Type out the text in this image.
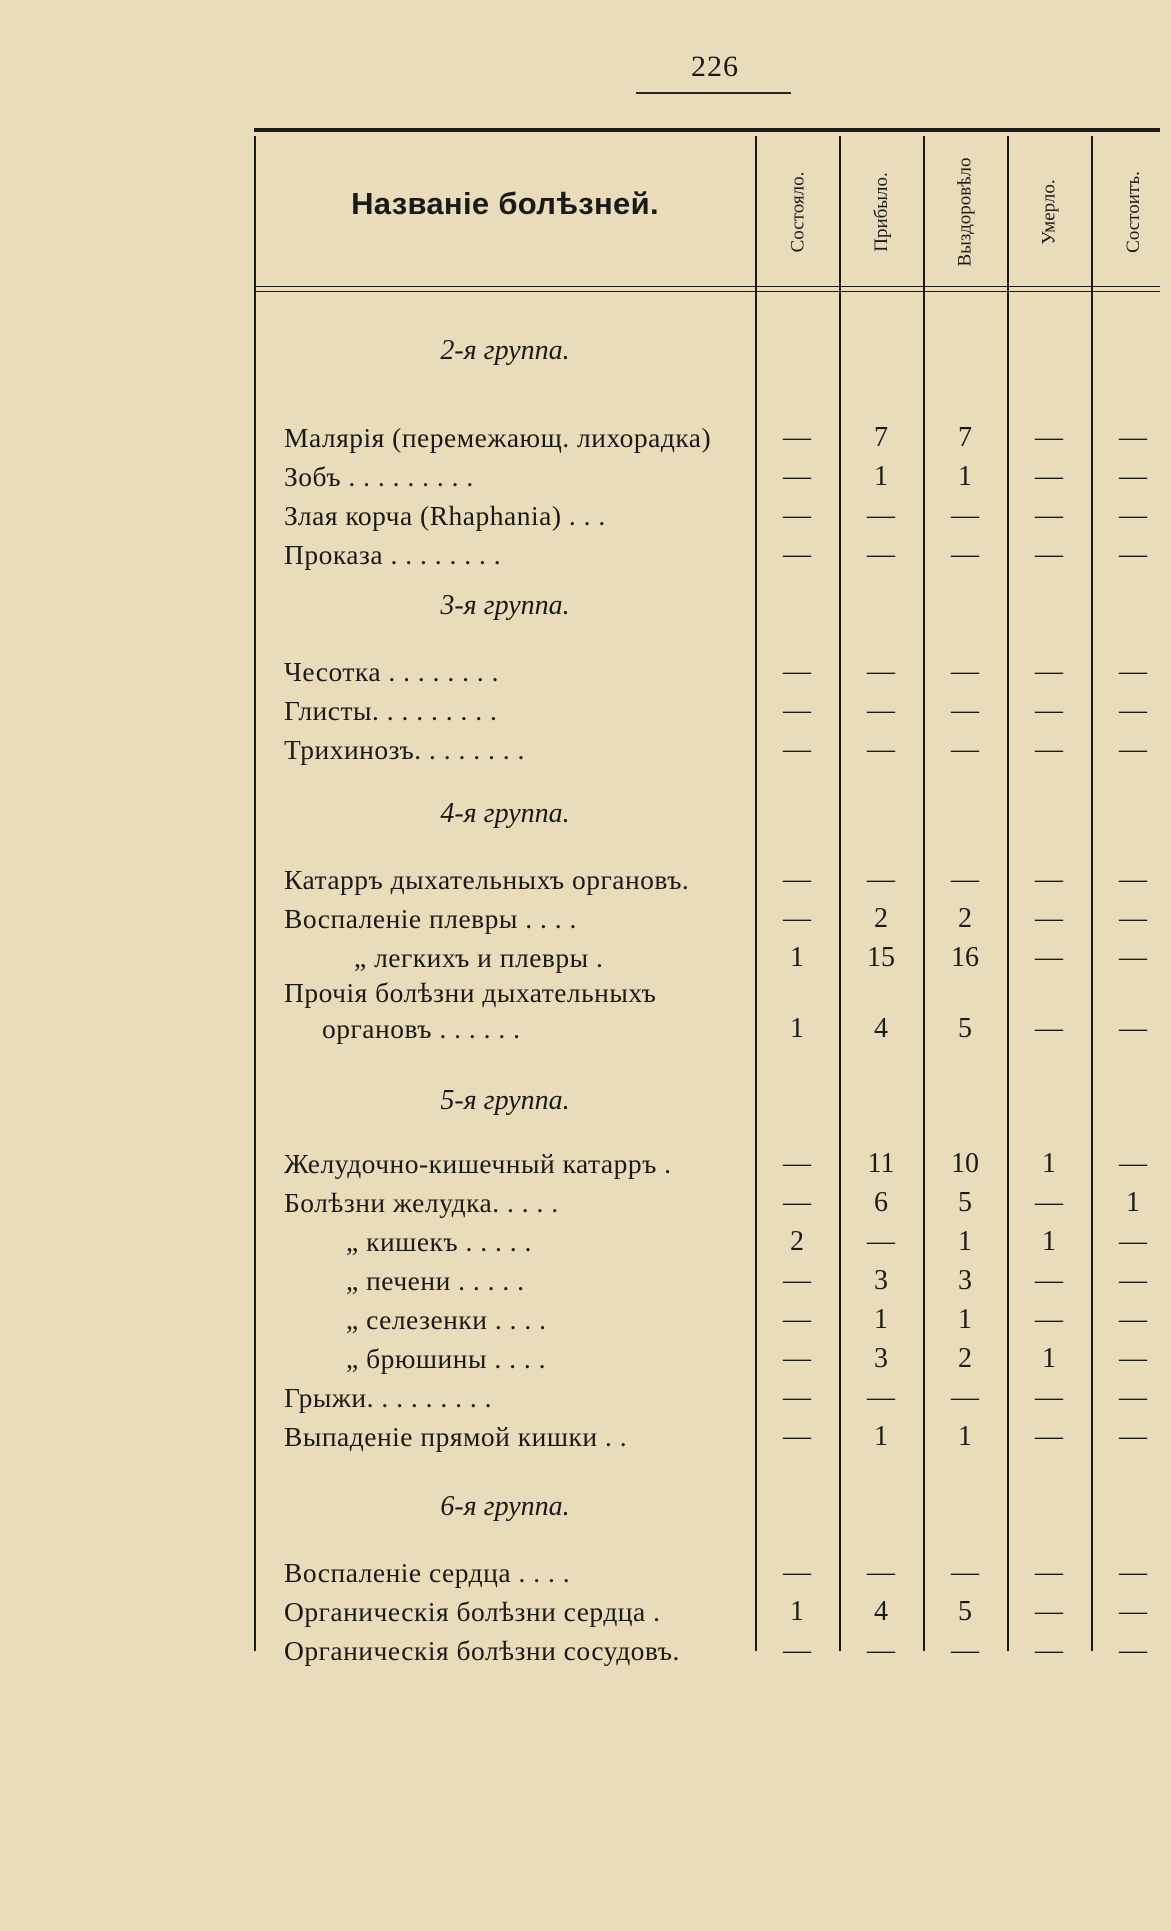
226
Названiе болѣзней.	Состояло.	Прибыло.	Выздоровѣло	Умерло.	Состоитъ.
2-я группа.
Малярiя (перемежающ. лихорадка)	—	7	7	—	—
Зобъ . . . . . . . . .	—	1	1	—	—
Злая корча (Rhaphania) . . .	—	—	—	—	—
Проказа . . . . . . . .	—	—	—	—	—
3-я группа.
Чесотка . . . . . . . .	—	—	—	—	—
Глисты. . . . . . . . .	—	—	—	—	—
Трихинозъ. . . . . . . .	—	—	—	—	—
4-я группа.
Катарръ дыхательныхъ органовъ.	—	—	—	—	—
Воспаленiе плевры . . . .	—	2	2	—	—
„ легкихъ и плевры .	1	15	16	—	—
Прочiя болѣзни дыхательныхъ
органовъ . . . . . .	1	4	5	—	—
5-я группа.
Желудочно-кишечный катарръ .	—	11	10	1	—
Болѣзни желудка. . . . .	—	6	5	—	1
„ кишекъ . . . . .	2	—	1	1	—
„ печени . . . . .	—	3	3	—	—
„ селезенки . . . .	—	1	1	—	—
„ брюшины . . . .	—	3	2	1	—
Грыжи. . . . . . . . .	—	—	—	—	—
Выпаденiе прямой кишки . .	—	1	1	—	—
6-я группа.
Воспаленiе сердца . . . .	—	—	—	—	—
Органическiя болѣзни сердца .	1	4	5	—	—
Органическiя болѣзни сосудовъ.	—	—	—	—	—
